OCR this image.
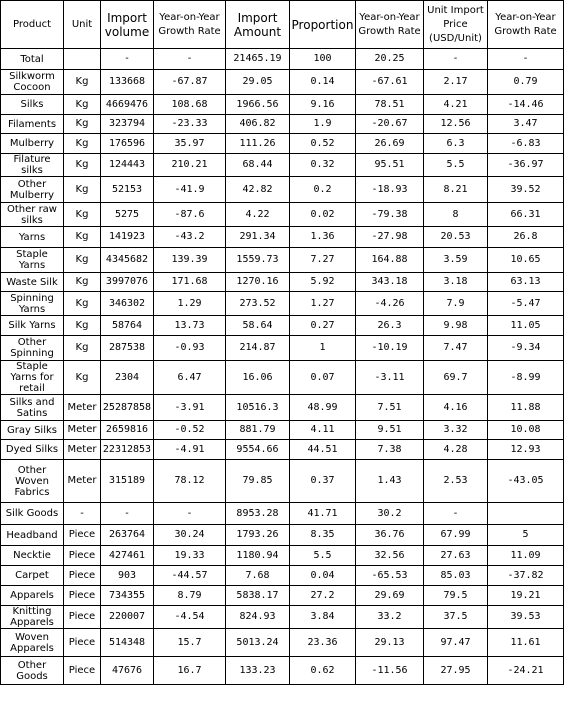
Product	Unit	Import volume	Year-on-Year Growth Rate	Import Amount	Proportion	Year-on-Year Growth Rate	Unit Import Price (USD/Unit)	Year-on-Year Growth Rate
Total		-	-	21465.19	100	20.25	-	-
Silkworm Cocoon	Kg	133668	-67.87	29.05	0.14	-67.61	2.17	0.79
Silks	Kg	4669476	108.68	1966.56	9.16	78.51	4.21	-14.46
Filaments	Kg	323794	-23.33	406.82	1.9	-20.67	12.56	3.47
Mulberry	Kg	176596	35.97	111.26	0.52	26.69	6.3	-6.83
Filature silks	Kg	124443	210.21	68.44	0.32	95.51	5.5	-36.97
Other Mulberry	Kg	52153	-41.9	42.82	0.2	-18.93	8.21	39.52
Other raw silks	Kg	5275	-87.6	4.22	0.02	-79.38	8	66.31
Yarns	Kg	141923	-43.2	291.34	1.36	-27.98	20.53	26.8
Staple Yarns	Kg	4345682	139.39	1559.73	7.27	164.88	3.59	10.65
Waste Silk	Kg	3997076	171.68	1270.16	5.92	343.18	3.18	63.13
Spinning Yarns	Kg	346302	1.29	273.52	1.27	-4.26	7.9	-5.47
Silk Yarns	Kg	58764	13.73	58.64	0.27	26.3	9.98	11.05
Other Spinning	Kg	287538	-0.93	214.87	1	-10.19	7.47	-9.34
Staple Yarns for retail	Kg	2304	6.47	16.06	0.07	-3.11	69.7	-8.99
Silks and Satins	Meter	25287858	-3.91	10516.3	48.99	7.51	4.16	11.88
Gray Silks	Meter	2659816	-0.52	881.79	4.11	9.51	3.32	10.08
Dyed Silks	Meter	22312853	-4.91	9554.66	44.51	7.38	4.28	12.93
Other Woven Fabrics	Meter	315189	78.12	79.85	0.37	1.43	2.53	-43.05
Silk Goods	-	-	-	8953.28	41.71	30.2	-	
Headband	Piece	263764	30.24	1793.26	8.35	36.76	67.99	5
Necktie	Piece	427461	19.33	1180.94	5.5	32.56	27.63	11.09
Carpet	Piece	903	-44.57	7.68	0.04	-65.53	85.03	-37.82
Apparels	Piece	734355	8.79	5838.17	27.2	29.69	79.5	19.21
Knitting Apparels	Piece	220007	-4.54	824.93	3.84	33.2	37.5	39.53
Woven Apparels	Piece	514348	15.7	5013.24	23.36	29.13	97.47	11.61
Other Goods	Piece	47676	16.7	133.23	0.62	-11.56	27.95	-24.21
